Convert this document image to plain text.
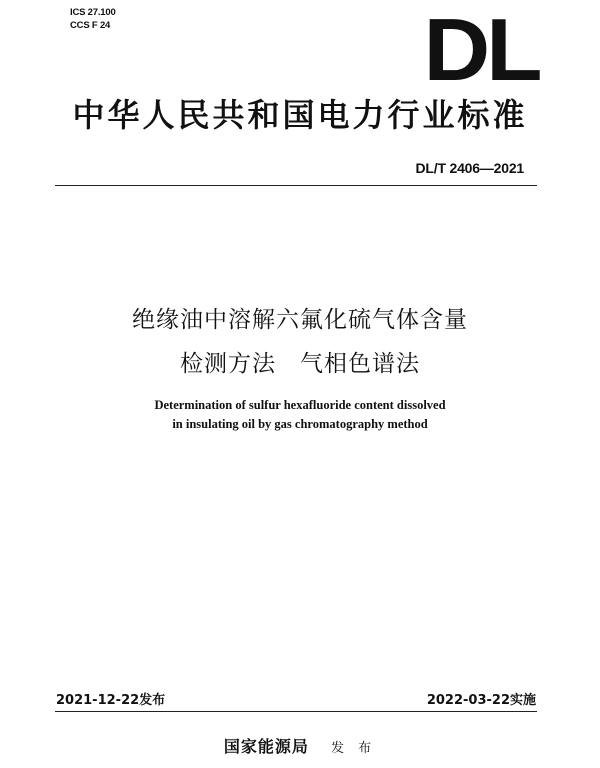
ICS 27.100
CCS F 24	DL
中华人民共和国电力行业标准
DL/T 2406—2021
绝缘油中溶解六氟化硫气体含量
检测方法　气相色谱法
Determination of sulfur hexafluoride content dissolved
in insulating oil by gas chromatography method
2021-12-22发布	2022-03-22实施
国家能源局 发 布
